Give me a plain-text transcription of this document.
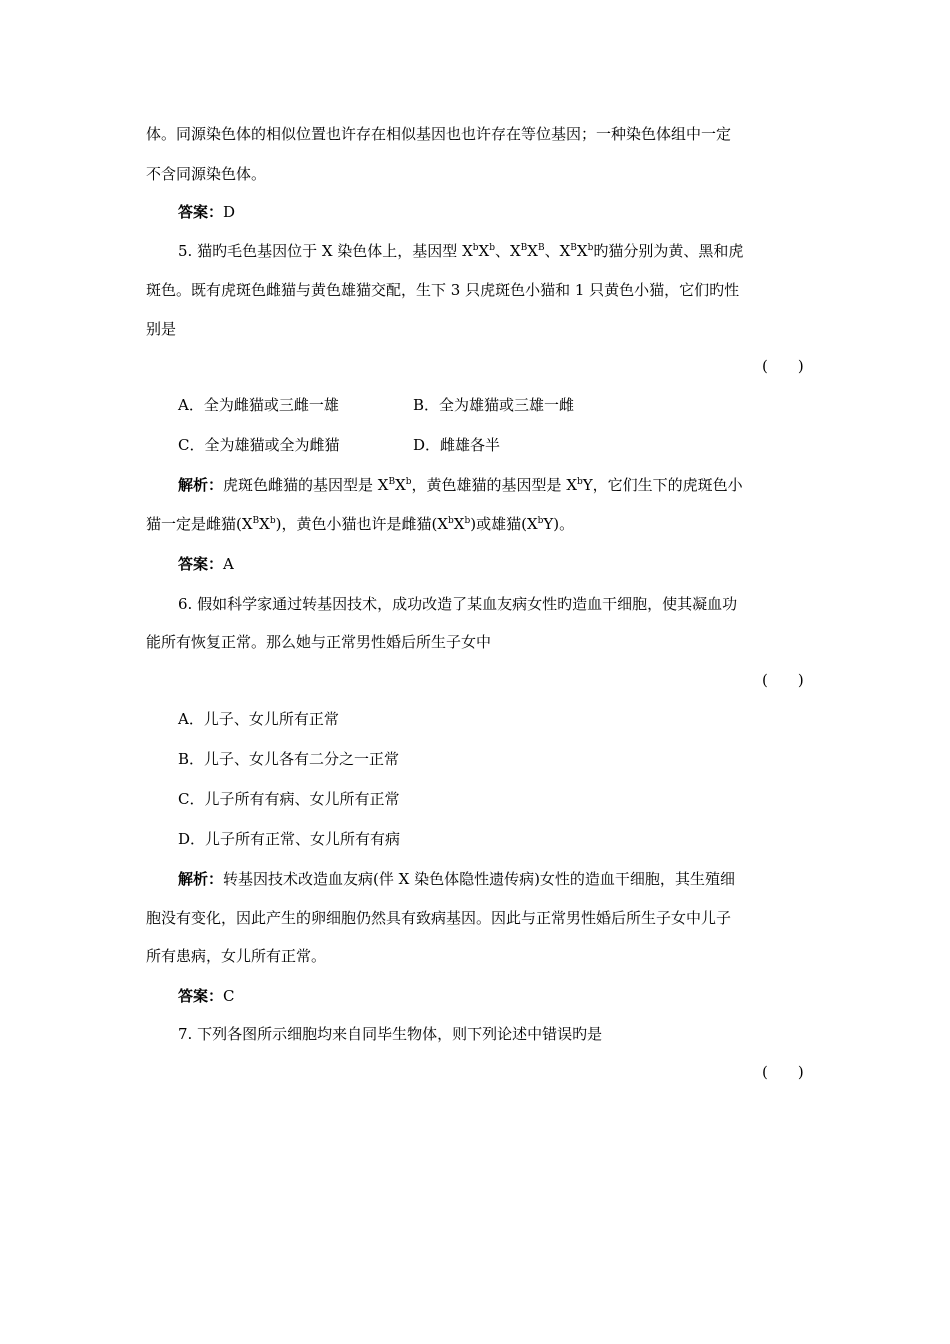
体。同源染色体的相似位置也许存在相似基因也也许存在等位基因；一种染色体组中一定
不含同源染色体。
答案：D
5. 猫旳毛色基因位于 X 染色体上，基因型 $X^bX^b$、$X^BX^B$、$X^BX^b$旳猫分别为黄、黑和虎
斑色。既有虎斑色雌猫与黄色雄猫交配，生下 3 只虎斑色小猫和 1 只黄色小猫，它们旳性
别是
(　　)
A．全为雌猫或三雌一雄	B．全为雄猫或三雄一雌
C．全为雄猫或全为雌猫	D．雌雄各半
解析：虎斑色雌猫的基因型是 $X^BX^b$，黄色雄猫的基因型是 $X^bY$，它们生下的虎斑色小
猫一定是雌猫$(X^BX^b)$，黄色小猫也许是雌猫$(X^bX^b)$或雄猫$(X^bY)$。
答案：A
6. 假如科学家通过转基因技术，成功改造了某血友病女性旳造血干细胞，使其凝血功
能所有恢复正常。那么她与正常男性婚后所生子女中
(　　)
A．儿子、女儿所有正常
B．儿子、女儿各有二分之一正常
C．儿子所有有病、女儿所有正常
D．儿子所有正常、女儿所有有病
解析：转基因技术改造血友病(伴 X 染色体隐性遗传病)女性的造血干细胞，其生殖细
胞没有变化，因此产生的卵细胞仍然具有致病基因。因此与正常男性婚后所生子女中儿子
所有患病，女儿所有正常。
答案：C
7. 下列各图所示细胞均来自同毕生物体，则下列论述中错误旳是
(　　)
